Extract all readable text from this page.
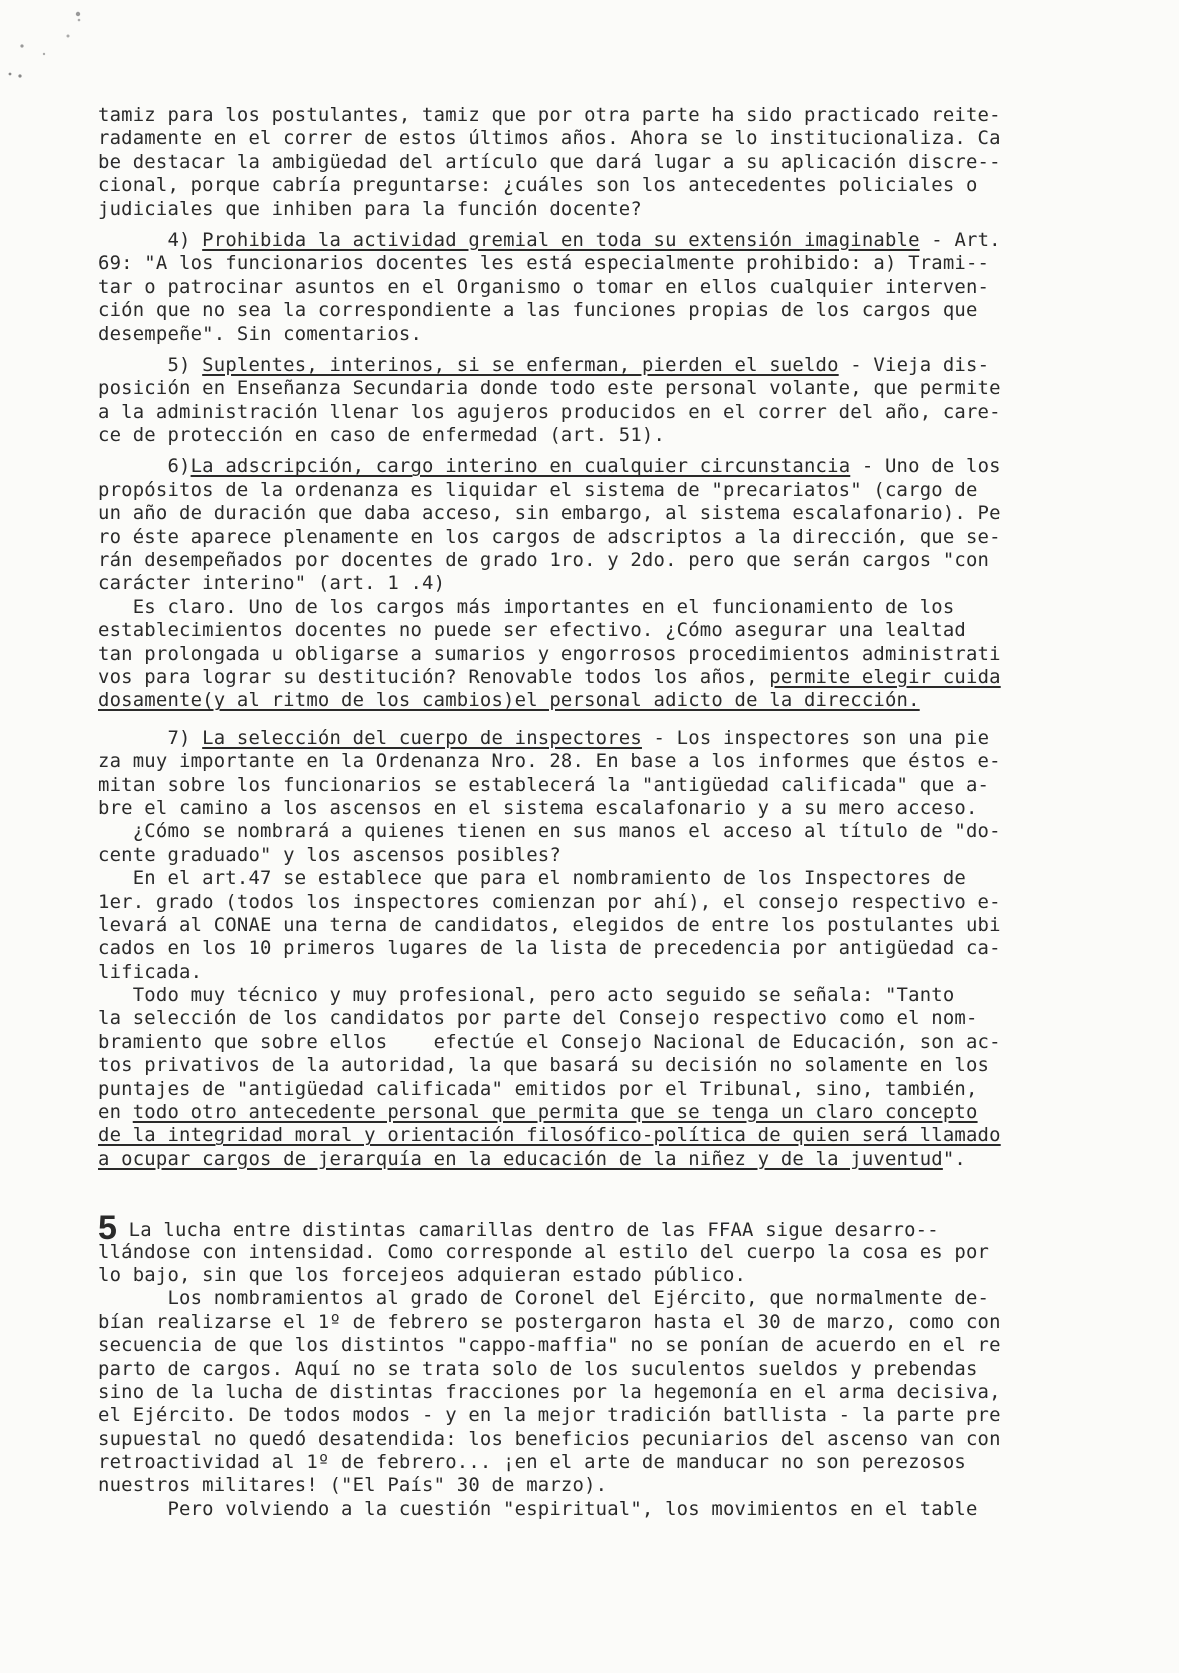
tamiz para los postulantes, tamiz que por otra parte ha sido practicado reite-
radamente en el correr de estos últimos años. Ahora se lo institucionaliza. Ca
be destacar la ambigüedad del artículo que dará lugar a su aplicación discre--
cional, porque cabría preguntarse: ¿cuáles son los antecedentes policiales o
judiciales que inhiben para la función docente?
4) Prohibida la actividad gremial en toda su extensión imaginable - Art.
69: "A los funcionarios docentes les está especialmente prohibido: a) Trami--
tar o patrocinar asuntos en el Organismo o tomar en ellos cualquier interven-
ción que no sea la correspondiente a las funciones propias de los cargos que
desempeñe". Sin comentarios.
5) Suplentes, interinos, si se enferman, pierden el sueldo - Vieja dis-
posición en Enseñanza Secundaria donde todo este personal volante, que permite
a la administración llenar los agujeros producidos en el correr del año, care-
ce de protección en caso de enfermedad (art. 51).
6)La adscripción, cargo interino en cualquier circunstancia - Uno de los
propósitos de la ordenanza es liquidar el sistema de "precariatos" (cargo de
un año de duración que daba acceso, sin embargo, al sistema escalafonario). Pe
ro éste aparece plenamente en los cargos de adscriptos a la dirección, que se-
rán desempeñados por docentes de grado 1ro. y 2do. pero que serán cargos "con
carácter interino" (art. 1 .4)
Es claro. Uno de los cargos más importantes en el funcionamiento de los
establecimientos docentes no puede ser efectivo. ¿Cómo asegurar una lealtad
tan prolongada u obligarse a sumarios y engorrosos procedimientos administrati
vos para lograr su destitución? Renovable todos los años, permite elegir cuida
dosamente(y al ritmo de los cambios)el personal adicto de la dirección.
7) La selección del cuerpo de inspectores - Los inspectores son una pie
za muy importante en la Ordenanza Nro. 28. En base a los informes que éstos e-
mitan sobre los funcionarios se establecerá la "antigüedad calificada" que a-
bre el camino a los ascensos en el sistema escalafonario y a su mero acceso.
¿Cómo se nombrará a quienes tienen en sus manos el acceso al título de "do-
cente graduado" y los ascensos posibles?
En el art.47 se establece que para el nombramiento de los Inspectores de
1er. grado (todos los inspectores comienzan por ahí), el consejo respectivo e-
levará al CONAE una terna de candidatos, elegidos de entre los postulantes ubi
cados en los 10 primeros lugares de la lista de precedencia por antigüedad ca-
lificada.
Todo muy técnico y muy profesional, pero acto seguido se señala: "Tanto
la selección de los candidatos por parte del Consejo respectivo como el nom-
bramiento que sobre ellos    efectúe el Consejo Nacional de Educación, son ac-
tos privativos de la autoridad, la que basará su decisión no solamente en los
puntajes de "antigüedad calificada" emitidos por el Tribunal, sino, también,
en todo otro antecedente personal que permita que se tenga un claro concepto
de la integridad moral y orientación filosófico-política de quien será llamado
a ocupar cargos de jerarquía en la educación de la niñez y de la juventud".
5 La lucha entre distintas camarillas dentro de las FFAA sigue desarro--
llándose con intensidad. Como corresponde al estilo del cuerpo la cosa es por
lo bajo, sin que los forcejeos adquieran estado público.
Los nombramientos al grado de Coronel del Ejército, que normalmente de-
bían realizarse el 1º de febrero se postergaron hasta el 30 de marzo, como con
secuencia de que los distintos "cappo-maffia" no se ponían de acuerdo en el re
parto de cargos. Aquí no se trata solo de los suculentos sueldos y prebendas
sino de la lucha de distintas fracciones por la hegemonía en el arma decisiva,
el Ejército. De todos modos - y en la mejor tradición batllista - la parte pre
supuestal no quedó desatendida: los beneficios pecuniarios del ascenso van con
retroactividad al 1º de febrero... ¡en el arte de manducar no son perezosos
nuestros militares! ("El País" 30 de marzo).
Pero volviendo a la cuestión "espiritual", los movimientos en el table
